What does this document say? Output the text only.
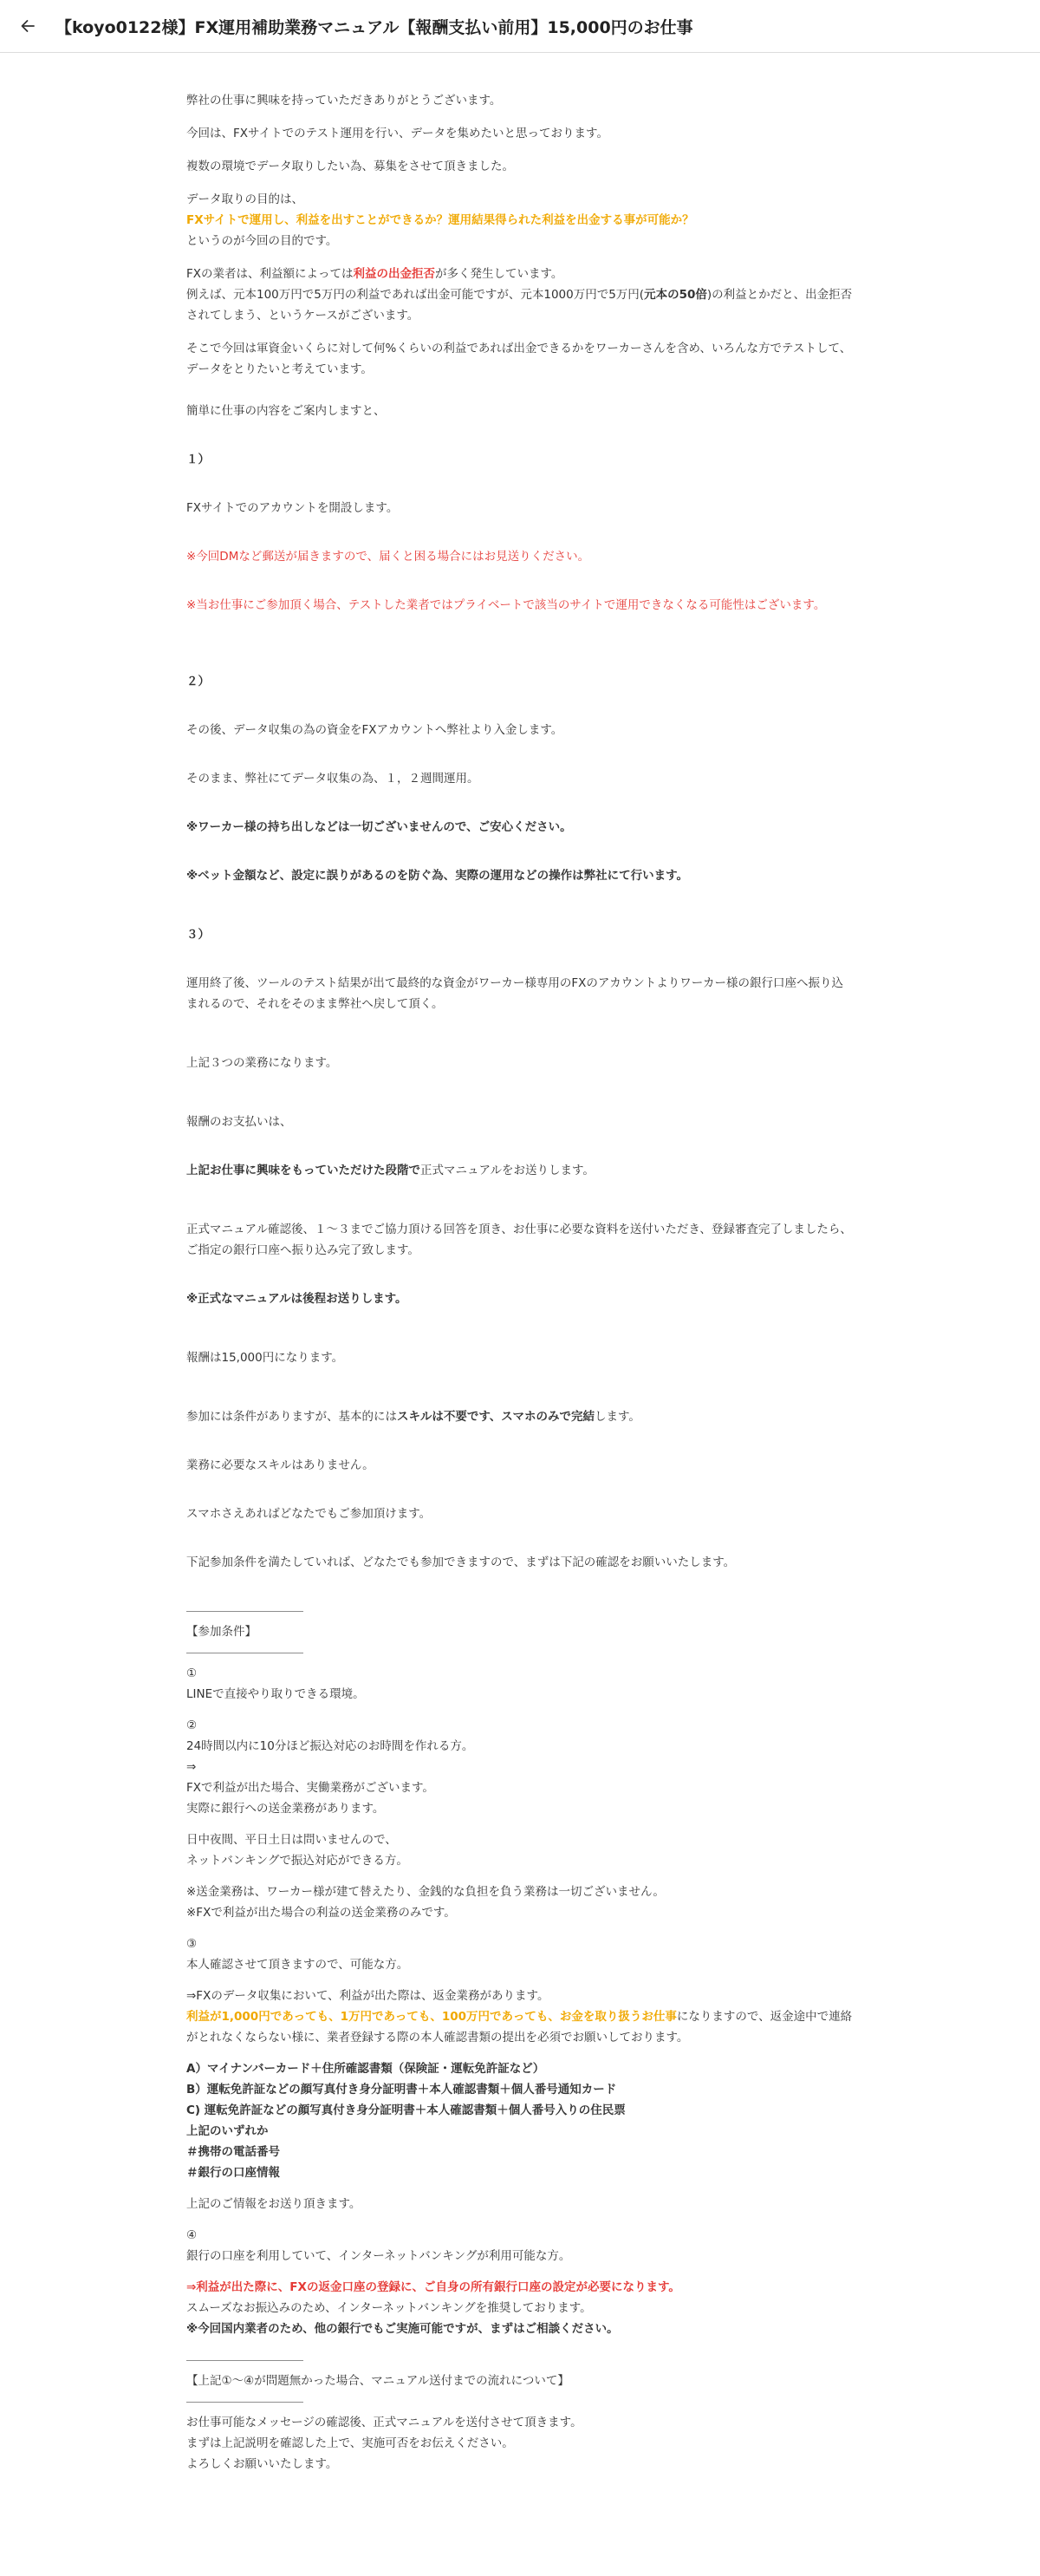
【koyo0122様】FX運用補助業務マニュアル【報酬支払い前用】15,000円のお仕事

弊社の仕事に興味を持っていただきありがとうございます。

今回は、FXサイトでのテスト運用を行い、データを集めたいと思っております。

複数の環境でデータ取りしたい為、募集をさせて頂きました。

データ取りの目的は、

FXサイトで運用し、利益を出すことができるか？運用結果得られた利益を出金する事が可能か？

というのが今回の目的です。

FXの業者は、利益額によっては利益の出金拒否が多く発生しています。

例えば、元本100万円で5万円の利益であれば出金可能ですが、元本1000万円で5万円(元本の50倍)の利益とかだと、出金拒否されてしまう、というケースがございます。

そこで今回は軍資金いくらに対して何%くらいの利益であれば出金できるかをワーカーさんを含め、いろんな方でテストして、データをとりたいと考えています。

簡単に仕事の内容をご案内しますと、

１）

FXサイトでのアカウントを開設します。

※今回DMなど郵送が届きますので、届くと困る場合にはお見送りください。

※当お仕事にご参加頂く場合、テストした業者ではプライベートで該当のサイトで運用できなくなる可能性はございます。

２）

その後、データ収集の為の資金をFXアカウントへ弊社より入金します。

そのまま、弊社にてデータ収集の為、１，２週間運用。

※ワーカー様の持ち出しなどは一切ございませんので、ご安心ください。

※ベット金額など、設定に誤りがあるのを防ぐ為、実際の運用などの操作は弊社にて行います。

３）

運用終了後、ツールのテスト結果が出て最終的な資金がワーカー様専用のFXのアカウントよりワーカー様の銀行口座へ振り込まれるので、それをそのまま弊社へ戻して頂く。

上記３つの業務になります。

報酬のお支払いは、

上記お仕事に興味をもっていただけた段階で正式マニュアルをお送りします。

正式マニュアル確認後、１〜３までご協力頂ける回答を頂き、お仕事に必要な資料を送付いただき、登録審査完了しましたら、ご指定の銀行口座へ振り込み完了致します。

※正式なマニュアルは後程お送りします。

報酬は15,000円になります。

参加には条件がありますが、基本的にはスキルは不要です、スマホのみで完結します。

業務に必要なスキルはありません。

スマホさえあればどなたでもご参加頂けます。

下記参加条件を満たしていれば、どなたでも参加できますので、まずは下記の確認をお願いいたします。

――――――――――

【参加条件】

――――――――――

①

LINEで直接やり取りできる環境。

②

24時間以内に10分ほど振込対応のお時間を作れる方。

⇒

FXで利益が出た場合、実働業務がございます。

実際に銀行への送金業務があります。

日中夜間、平日土日は問いませんので、

ネットバンキングで振込対応ができる方。

※送金業務は、ワーカー様が建て替えたり、金銭的な負担を負う業務は一切ございません。

※FXで利益が出た場合の利益の送金業務のみです。

③

本人確認させて頂きますので、可能な方。

⇒FXのデータ収集において、利益が出た際は、返金業務があります。

利益が1,000円であっても、1万円であっても、100万円であっても、お金を取り扱うお仕事になりますので、返金途中で連絡がとれなくならない様に、業者登録する際の本人確認書類の提出を必須でお願いしております。

A）マイナンバーカード＋住所確認書類（保険証・運転免許証など）

B）運転免許証などの顔写真付き身分証明書＋本人確認書類＋個人番号通知カード

C) 運転免許証などの顔写真付き身分証明書＋本人確認書類＋個人番号入りの住民票

上記のいずれか

＃携帯の電話番号

＃銀行の口座情報

上記のご情報をお送り頂きます。

④

銀行の口座を利用していて、インターネットバンキングが利用可能な方。

⇒利益が出た際に、FXの返金口座の登録に、ご自身の所有銀行口座の設定が必要になります。

スムーズなお振込みのため、インターネットバンキングを推奨しております。

※今回国内業者のため、他の銀行でもご実施可能ですが、まずはご相談ください。

――――――――――

【上記①〜④が問題無かった場合、マニュアル送付までの流れについて】

――――――――――

お仕事可能なメッセージの確認後、正式マニュアルを送付させて頂きます。

まずは上記説明を確認した上で、実施可否をお伝えください。

よろしくお願いいたします。
